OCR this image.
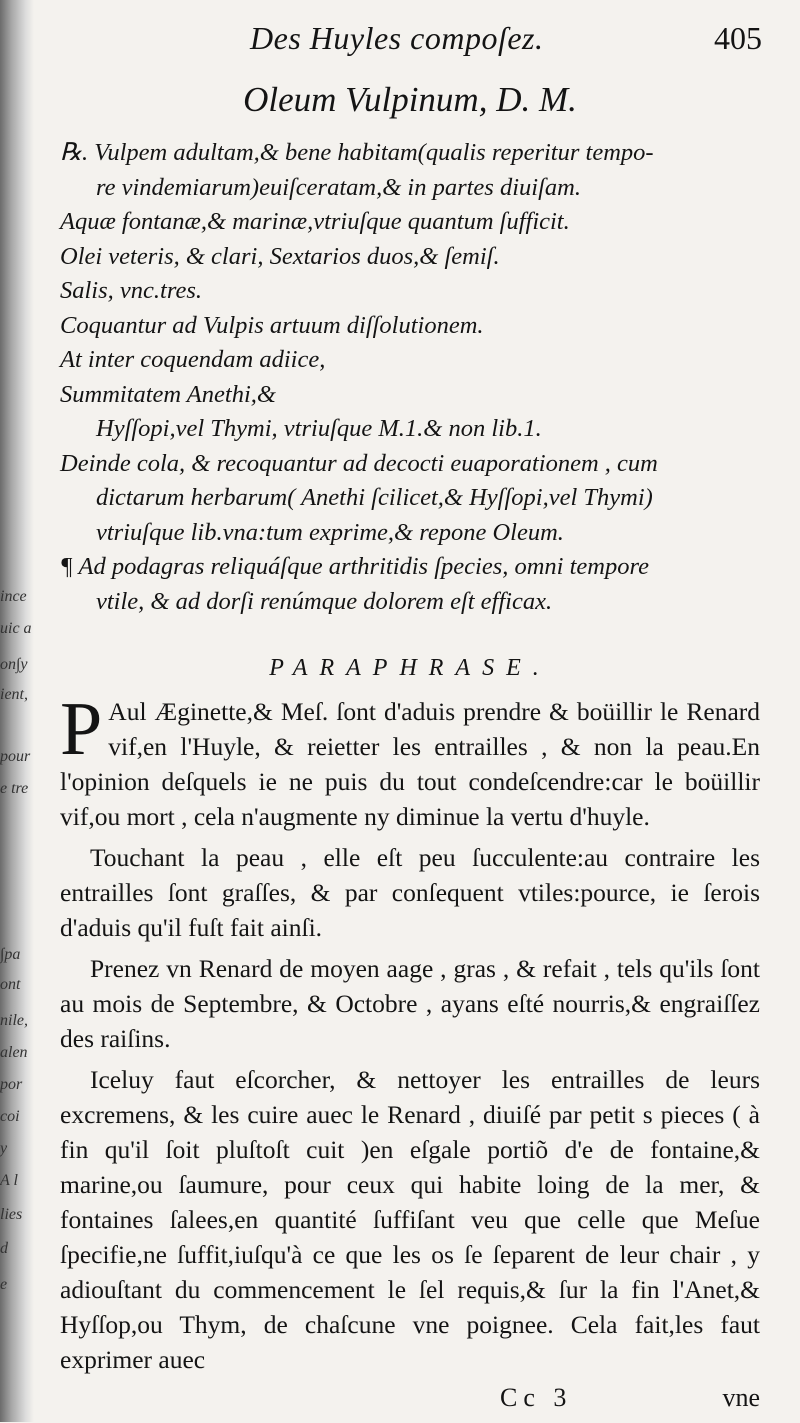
ince
uic a
on∫y
ient,
pour
e tre
∫pa
ont
nile,
alen
por
coi
y
A l
lies
d
e
Des Huyles compoſez.	405
Oleum Vulpinum, D. M.
℞. Vulpem adultam,& bene habitam(qualis reperitur tempo-
re vindemiarum)euiſceratam,& in partes diuiſam.
Aquæ fontanæ,& marinæ,vtriuſque quantum ſufficit.
Olei veteris, & clari, Sextarios duos,& ſemiſ.
Salis, vnc.tres.
Coquantur ad Vulpis artuum diſſolutionem.
At inter coquendam adiice,
Summitatem Anethi,&
Hyſſopi,vel Thymi, vtriuſque M.1.& non lib.1.
Deinde cola, & recoquantur ad decocti euaporationem , cum
dictarum herbarum( Anethi ſcilicet,& Hyſſopi,vel Thymi)
vtriuſque lib.vna:tum exprime,& repone Oleum.
¶ Ad podagras reliquáſque arthritidis ſpecies, omni tempore
vtile, & ad dorſi renúmque dolorem eſt efficax.
PARAPHRASE.

P Aul Æginette,& Meſ. ſont d'aduis prendre & boüillir le Renard vif,en l'Huyle, & reietter les entrailles , & non la peau.En l'opinion deſquels ie ne puis du tout condeſcendre:car le boüillir vif,ou mort , cela n'augmente ny diminue la vertu d'huyle.

Touchant la peau , elle eſt peu ſucculente:au contraire les entrailles ſont graſſes, & par conſequent vtiles:pource, ie ſerois d'aduis qu'il fuſt fait ainſi.

Prenez vn Renard de moyen aage , gras , & refait , tels qu'ils ſont au mois de Septembre, & Octobre , ayans eſté nourris,& engraiſſez des raiſins.

Iceluy faut eſcorcher, & nettoyer les entrailles de leurs excremens, & les cuire auec le Renard , diuiſé par petit s pieces ( à fin qu'il ſoit pluſtoſt cuit )en eſgale portiõ d'e de fontaine,& marine,ou ſaumure, pour ceux qui habite loing de la mer, & fontaines ſalees,en quantité ſuffiſant veu que celle que Meſue ſpecifie,ne ſuffit,iuſqu'à ce que les os ſe ſeparent de leur chair , y adiouſtant du commencement le ſel requis,& ſur la fin l'Anet,& Hyſſop,ou Thym, de chaſcune vne poignee. Cela fait,les faut exprimer auec

Cc 3	vne
